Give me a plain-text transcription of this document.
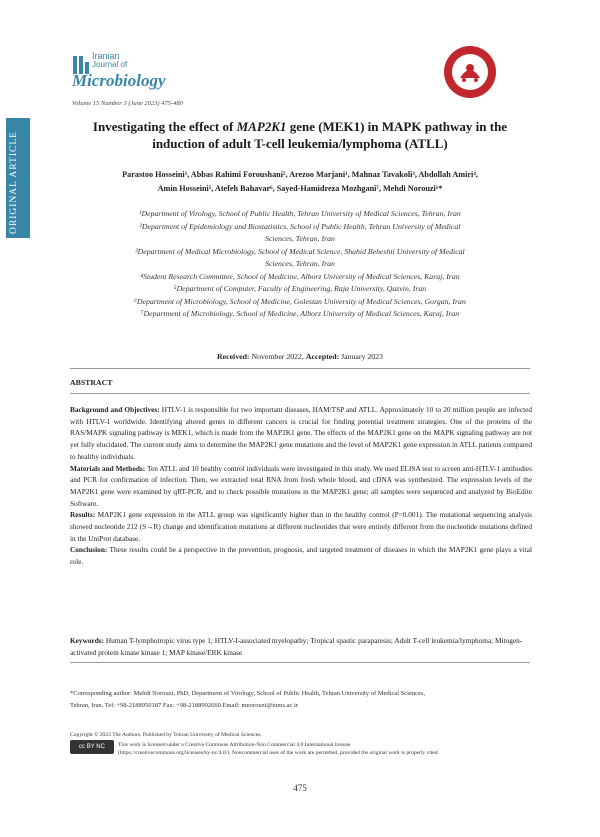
ORIGINAL ARTICLE
Iranian
Journal of
Microbiology
Volume 15 Number 3 (June 2023) 475-480
Investigating the effect of MAP2K1 gene (MEK1) in MAPK pathway in the induction of adult T-cell leukemia/lymphoma (ATLL)
Parastoo Hosseini¹, Abbas Rahimi Foroushani², Arezoo Marjani¹, Mahnaz Tavakoli³, Abdollah Amiri⁴,
Amin Hosseini⁵, Atefeh Bahavar⁶, Sayed-Hamidreza Mozhgani⁷, Mehdi Norouzi¹*
¹Department of Virology, School of Public Health, Tehran University of Medical Sciences, Tehran, Iran
²Department of Epidemiology and Biostatistics, School of Public Health, Tehran University of Medical
Sciences, Tehran, Iran
³Department of Medical Microbiology, School of Medical Science, Shahid Beheshti University of Medical
Sciences, Tehran, Iran
⁴Student Research Committee, School of Medicine, Alborz University of Medical Sciences, Karaj, Iran
⁵Department of Computer, Faculty of Engineering, Raja University, Qazvin, Iran
⁶Department of Microbiology, School of Medicine, Golestan University of Medical Sciences, Gorgan, Iran
⁷Department of Microbiology, School of Medicine, Alborz University of Medical Sciences, Karaj, Iran
Received: November 2022, Accepted: January 2023
ABSTRACT

Background and Objectives: HTLV-1 is responsible for two important diseases, HAM/TSP and ATLL. Approximately 10 to 20 million people are infected with HTLV-1 worldwide. Identifying altered genes in different cancers is crucial for finding potential treatment strategies. One of the proteins of the RAS/MAPK signaling pathway is MEK1, which is made from the MAP2K1 gene. The effects of the MAP2K1 gene on the MAPK signaling pathway are not yet fully elucidated. The current study aims to determine the MAP2K1 gene mutations and the level of MAP2K1 gene expression in ATLL patients compared to healthy individuals.

Materials and Methods: Ten ATLL and 10 healthy control individuals were investigated in this study. We used ELISA test to screen anti-HTLV-1 antibodies and PCR for confirmation of infection. Then, we extracted total RNA from fresh whole blood, and cDNA was synthesized. The expression levels of the MAP2K1 gene were examined by qRT-PCR, and to check possible mutations in the MAP2K1 gene; all samples were sequenced and analyzed by BioEdite Software.

Results: MAP2K1 gene expression in the ATLL group was significantly higher than in the healthy control (P=0.001). The mutational sequencing analysis showed nucleotide 212 (S→R) change and identification mutations at different nucleotides that were entirely different from the nucleotide mutations defined in the UniProt database.

Conclusion: These results could be a perspective in the prevention, prognosis, and targeted treatment of diseases in which the MAP2K1 gene plays a vital role.

Keywords: Human T-lymphotropic virus type 1; HTLV-I-associated myelopathy; Tropical spastic paraparesis; Adult T-cell leukemia/lymphoma; Mitogen-activated protein kinase kinase 1; MAP kinase/ERK kinase
*Corresponding author: Mehdi Norouzi, PhD, Department of Virology, School of Public Health, Tehran University of Medical Sciences,
Tehran, Iran. Tel: +98-2188950187 Fax: +98-2188992660 Email: mnorouzi@tums.ac.ir
Copyright © 2023 The Authors. Published by Tehran University of Medical Sciences.
cc BY NC	This work is licensed under a Creative Commons Attribution-Non Commercial 4.0 International license
(https://creativecommons.org/licenses/by-nc/4.0/). Noncommercial uses of the work are permitted, provided the original work is properly cited.
475
